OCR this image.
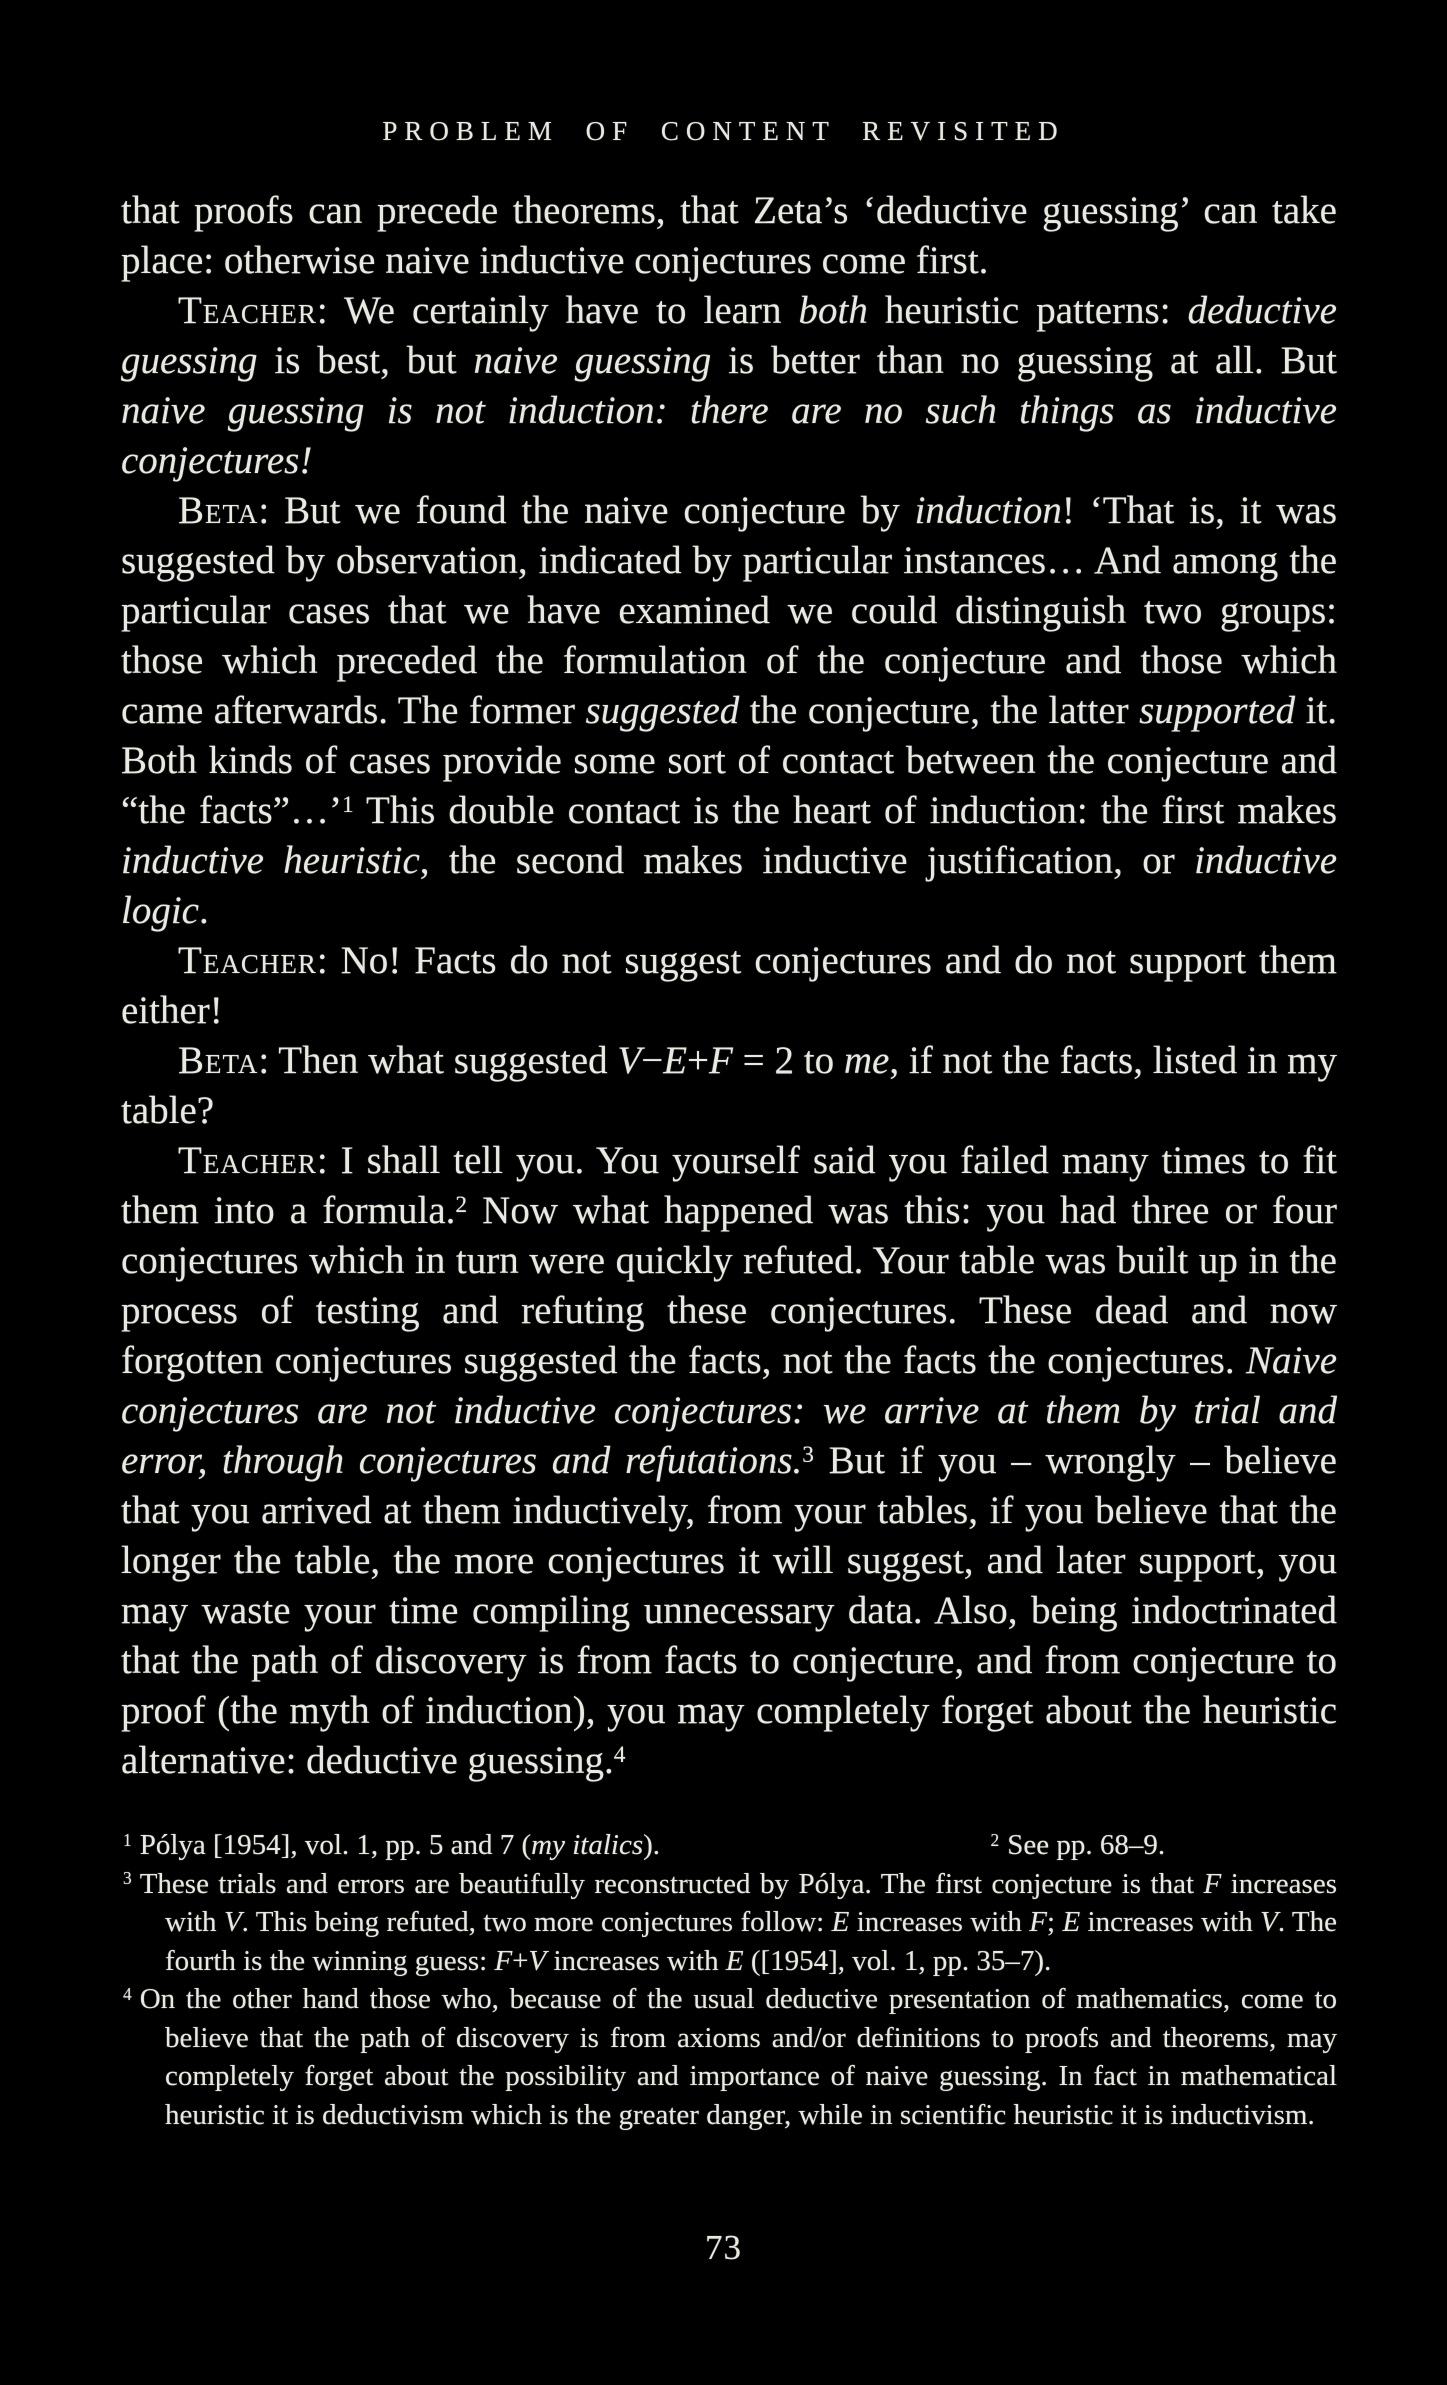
PROBLEM OF CONTENT REVISITED

that proofs can precede theorems, that Zeta’s ‘deductive guessing’ can take place: otherwise naive inductive conjectures come first.

Teacher: We certainly have to learn both heuristic patterns: deductive guessing is best, but naive guessing is better than no guessing at all. But naive guessing is not induction: there are no such things as inductive conjectures!

Beta: But we found the naive conjecture by induction! ‘That is, it was suggested by observation, indicated by particular instances… And among the particular cases that we have examined we could distinguish two groups: those which preceded the formulation of the conjecture and those which came afterwards. The former suggested the conjecture, the latter supported it. Both kinds of cases provide some sort of contact between the conjecture and “the facts”…’$^1$ This double contact is the heart of induction: the first makes inductive heuristic, the second makes inductive justification, or inductive logic.

Teacher: No! Facts do not suggest conjectures and do not support them either!

Beta: Then what suggested V−E+F = 2 to me, if not the facts, listed in my table?

Teacher: I shall tell you. You yourself said you failed many times to fit them into a formula.$^2$ Now what happened was this: you had three or four conjectures which in turn were quickly refuted. Your table was built up in the process of testing and refuting these conjectures. These dead and now forgotten conjectures suggested the facts, not the facts the conjectures. Naive conjectures are not inductive conjectures: we arrive at them by trial and error, through conjectures and refutations.$^3$ But if you – wrongly – believe that you arrived at them inductively, from your tables, if you believe that the longer the table, the more conjectures it will suggest, and later support, you may waste your time compiling unnecessary data. Also, being indoctrinated that the path of discovery is from facts to conjecture, and from conjecture to proof (the myth of induction), you may completely forget about the heuristic alternative: deductive guessing.$^4$

$^1$ Pólya [1954], vol. 1, pp. 5 and 7 (my italics).	$^2$ See pp. 68–9.
$^3$ These trials and errors are beautifully reconstructed by Pólya. The first conjecture is that F increases with V. This being refuted, two more conjectures follow: E increases with F; E increases with V. The fourth is the winning guess: F+V increases with E ([1954], vol. 1, pp. 35–7).
$^4$ On the other hand those who, because of the usual deductive presentation of mathematics, come to believe that the path of discovery is from axioms and/or definitions to proofs and theorems, may completely forget about the possibility and importance of naive guessing. In fact in mathematical heuristic it is deductivism which is the greater danger, while in scientific heuristic it is inductivism.
73
